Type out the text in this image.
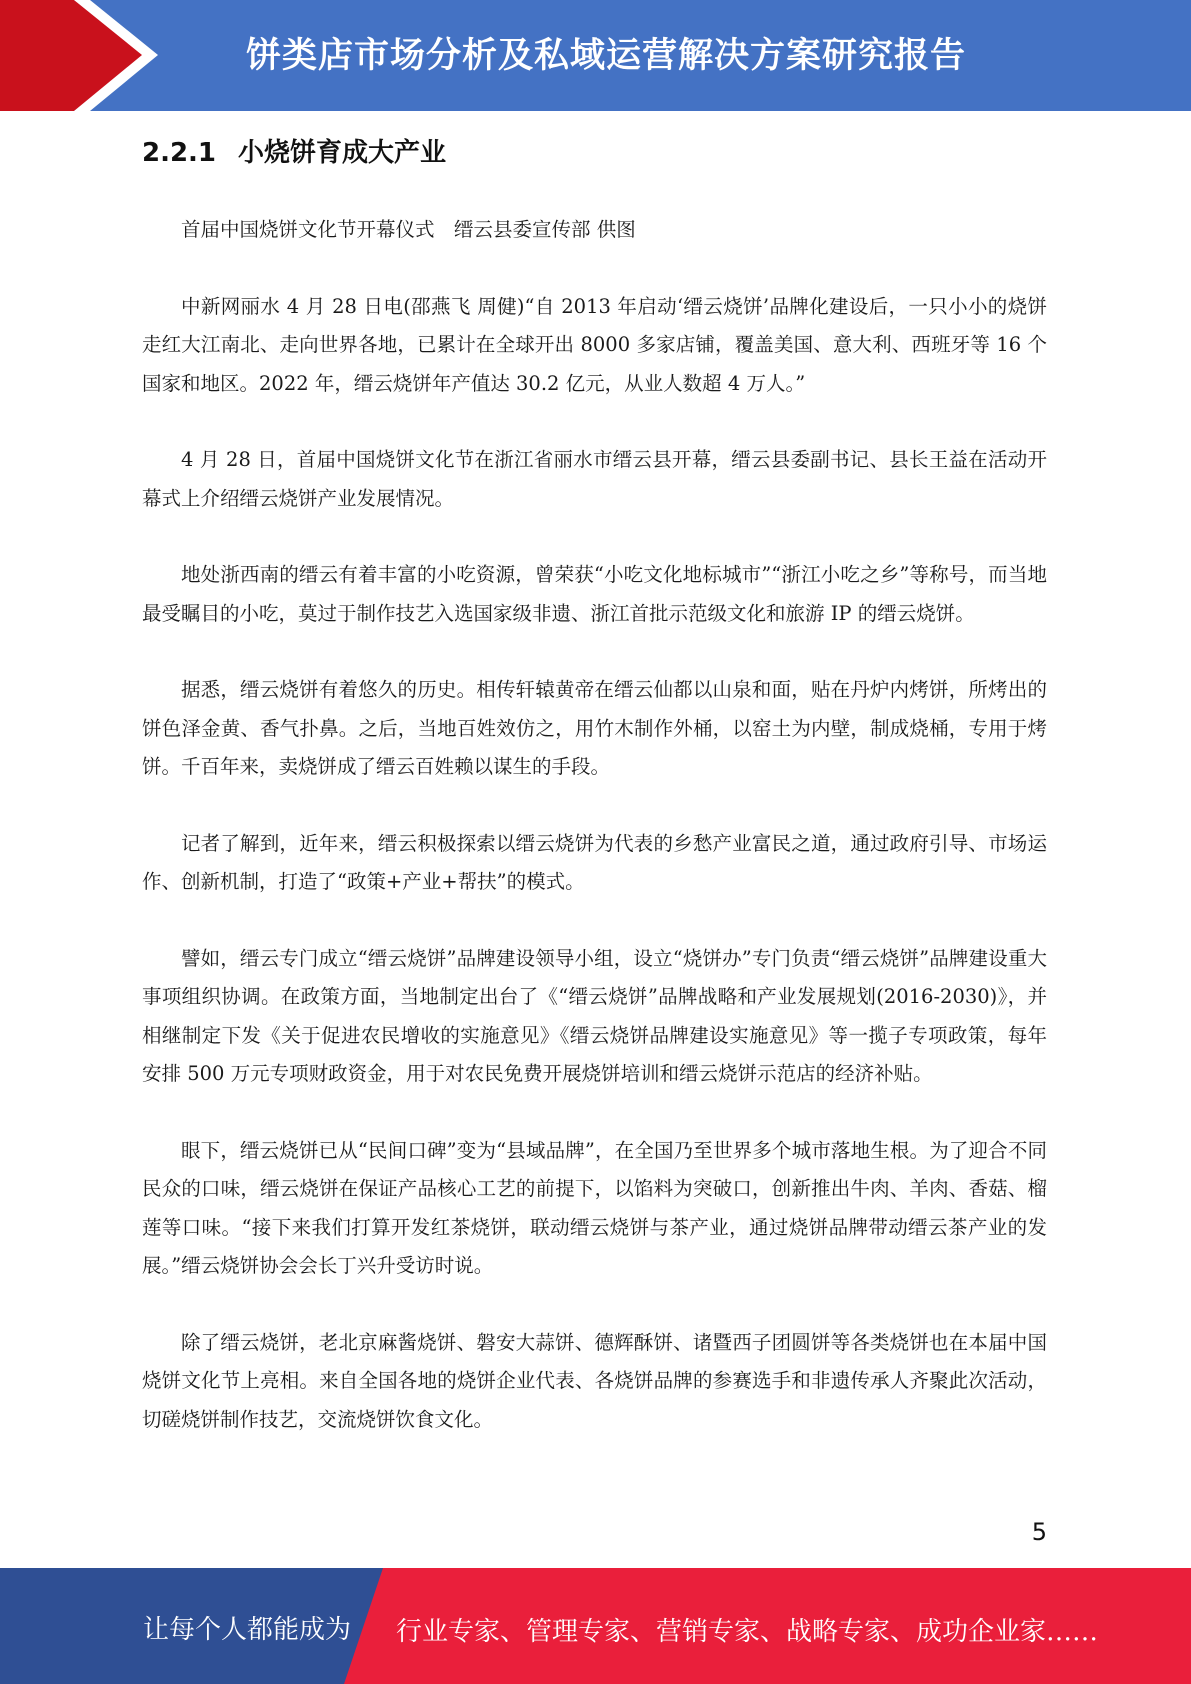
饼类店市场分析及私域运营解决方案研究报告
2.2.1 小烧饼育成大产业

首届中国烧饼文化节开幕仪式　缙云县委宣传部 供图

中新网丽水 4 月 28 日电(邵燕飞 周健)“自 2013 年启动‘缙云烧饼’品牌化建设后，一只小小的烧饼走红大江南北、走向世界各地，已累计在全球开出 8000 多家店铺，覆盖美国、意大利、西班牙等 16 个国家和地区。2022 年，缙云烧饼年产值达 30.2 亿元，从业人数超 4 万人。”

4 月 28 日，首届中国烧饼文化节在浙江省丽水市缙云县开幕，缙云县委副书记、县长王益在活动开幕式上介绍缙云烧饼产业发展情况。

地处浙西南的缙云有着丰富的小吃资源，曾荣获“小吃文化地标城市”“浙江小吃之乡”等称号，而当地最受瞩目的小吃，莫过于制作技艺入选国家级非遗、浙江首批示范级文化和旅游 IP 的缙云烧饼。

据悉，缙云烧饼有着悠久的历史。相传轩辕黄帝在缙云仙都以山泉和面，贴在丹炉内烤饼，所烤出的饼色泽金黄、香气扑鼻。之后，当地百姓效仿之，用竹木制作外桶，以窑土为内壁，制成烧桶，专用于烤饼。千百年来，卖烧饼成了缙云百姓赖以谋生的手段。

记者了解到，近年来，缙云积极探索以缙云烧饼为代表的乡愁产业富民之道，通过政府引导、市场运作、创新机制，打造了“政策+产业+帮扶”的模式。

譬如，缙云专门成立“缙云烧饼”品牌建设领导小组，设立“烧饼办”专门负责“缙云烧饼”品牌建设重大事项组织协调。在政策方面，当地制定出台了《“缙云烧饼”品牌战略和产业发展规划(2016-2030)》，并相继制定下发《关于促进农民增收的实施意见》《缙云烧饼品牌建设实施意见》等一揽子专项政策，每年安排 500 万元专项财政资金，用于对农民免费开展烧饼培训和缙云烧饼示范店的经济补贴。

眼下，缙云烧饼已从“民间口碑”变为“县域品牌”，在全国乃至世界多个城市落地生根。为了迎合不同民众的口味，缙云烧饼在保证产品核心工艺的前提下，以馅料为突破口，创新推出牛肉、羊肉、香菇、榴莲等口味。“接下来我们打算开发红茶烧饼，联动缙云烧饼与茶产业，通过烧饼品牌带动缙云茶产业的发展。”缙云烧饼协会会长丁兴升受访时说。

除了缙云烧饼，老北京麻酱烧饼、磐安大蒜饼、德辉酥饼、诸暨西子团圆饼等各类烧饼也在本届中国烧饼文化节上亮相。来自全国各地的烧饼企业代表、各烧饼品牌的参赛选手和非遗传承人齐聚此次活动，切磋烧饼制作技艺，交流烧饼饮食文化。

5
让每个人都能成为 行业专家、管理专家、营销专家、战略专家、成功企业家……
